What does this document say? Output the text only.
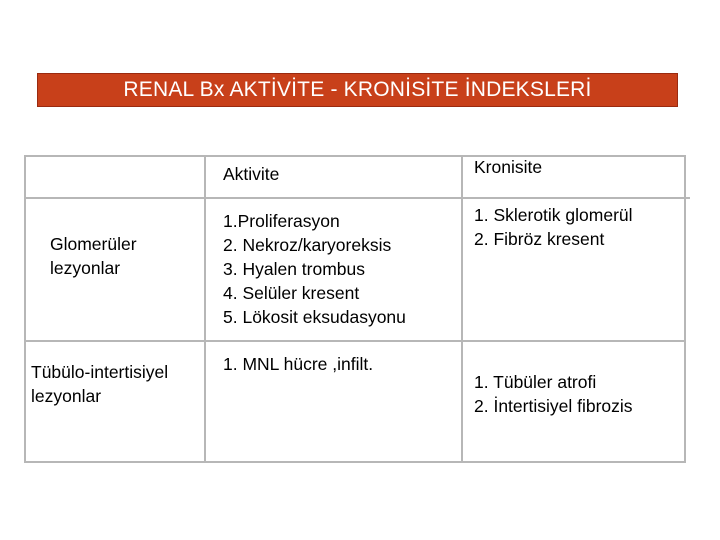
RENAL Bx AKTİVİTE - KRONİSİTE İNDEKSLERİ
Aktivite	Kronisite
Glomerüler
lezyonlar
1.Proliferasyon
2. Nekroz/karyoreksis
3. Hyalen trombus
4. Selüler kresent
5. Lökosit eksudasyonu
1. Sklerotik glomerül
2. Fibröz kresent
Tübülo-intertisiyel
lezyonlar
1. MNL hücre ,infilt.
1. Tübüler atrofi
2. İntertisiyel fibrozis
